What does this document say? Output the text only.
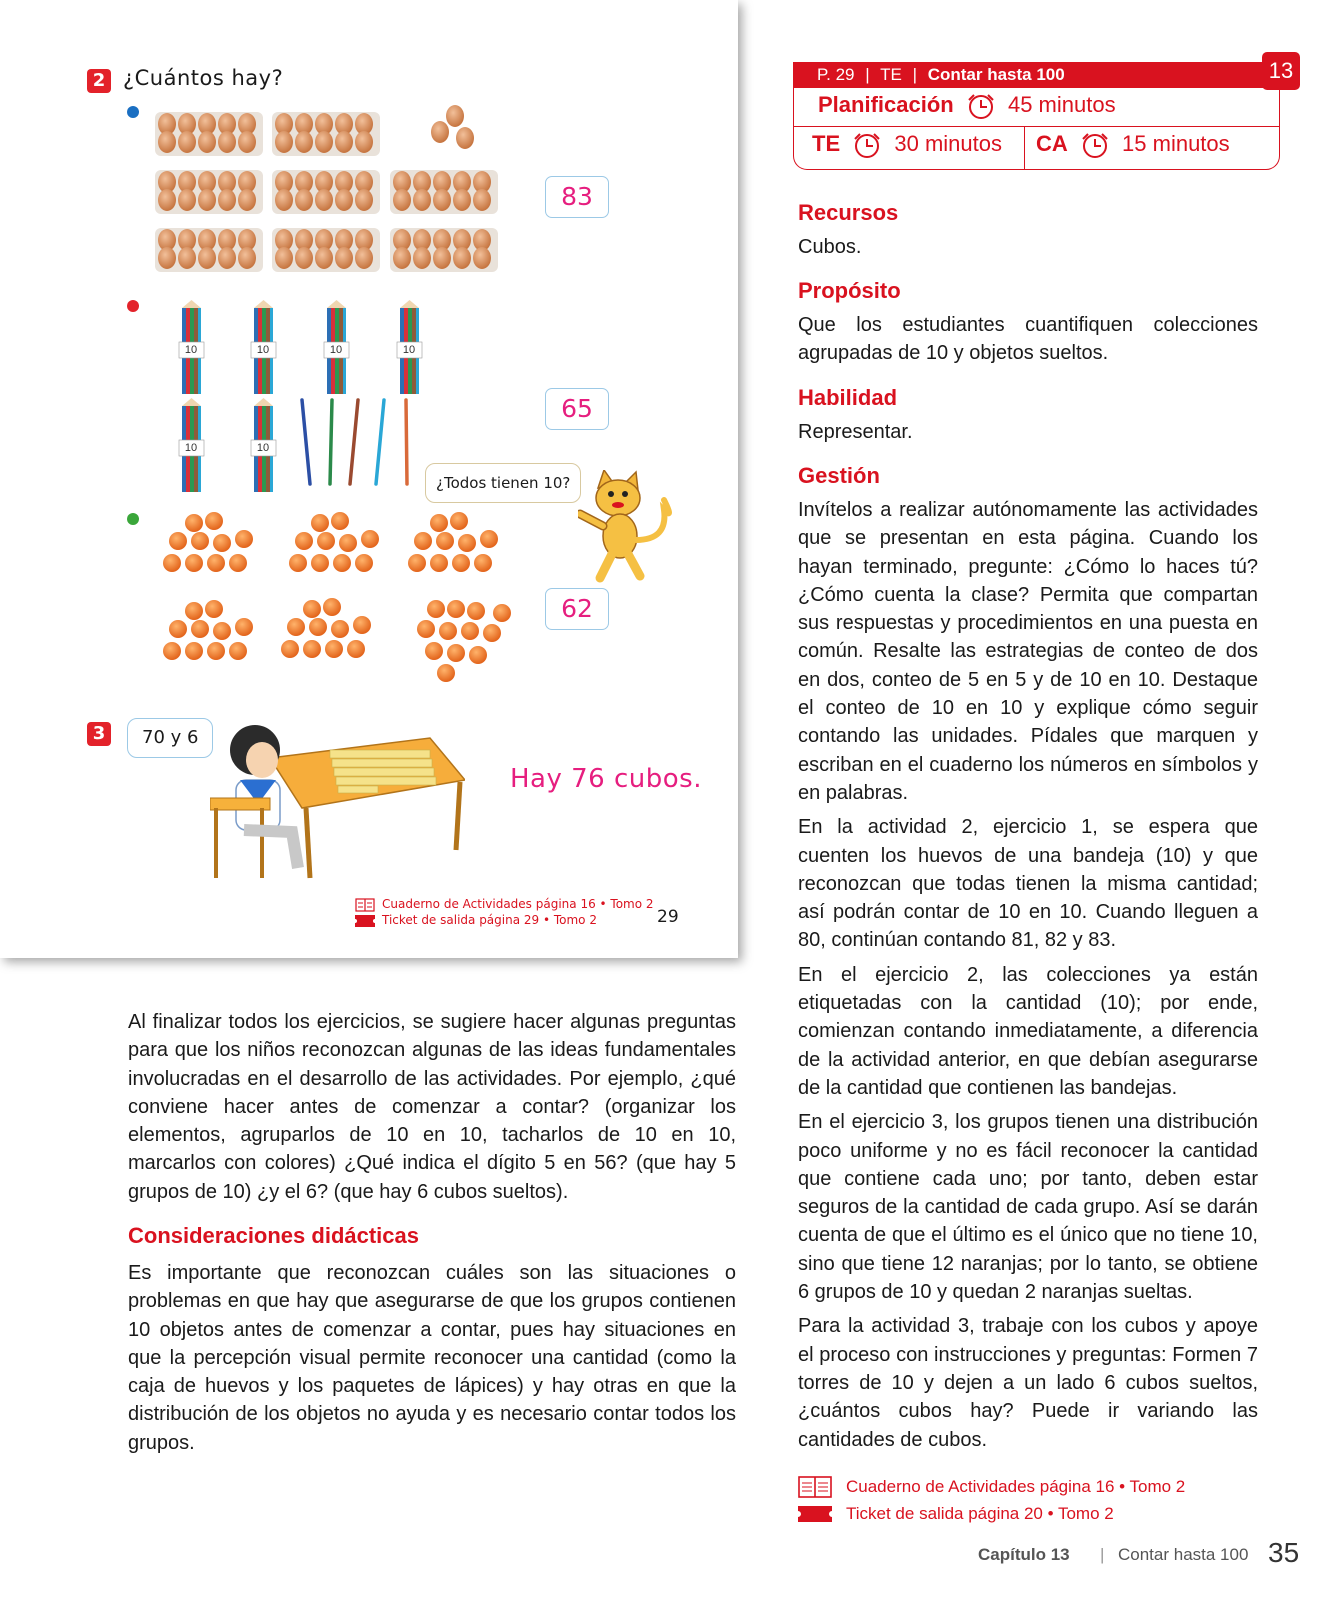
2 ¿Cuántos hay?
83
10	10	10	10
10	10
65
¿Todos tienen 10?
62
3	70 y 6
Hay 76 cubos.
Cuaderno de Actividades página 16 • Tomo 2
Ticket de salida página 29 • Tomo 2	29
Al finalizar todos los ejercicios, se sugiere hacer algunas preguntas para que los niños reconozcan algunas de las ideas fundamentales involucradas en el desarrollo de las actividades. Por ejemplo, ¿qué conviene hacer antes de comenzar a contar? (organizar los elementos, agruparlos de 10 en 10, tacharlos de 10 en 10, marcarlos con colores) ¿Qué indica el dígito 5 en 56? (que hay 5 grupos de 10) ¿y el 6? (que hay 6 cubos sueltos).
Consideraciones didácticas
Es importante que reconozcan cuáles son las situaciones o problemas en que hay que asegurarse de que los grupos contienen 10 objetos antes de comenzar a contar, pues hay situaciones en que la percepción visual permite reconocer una cantidad (como la caja de huevos y los paquetes de lápices) y hay otras en que la distribución de los objetos no ayuda y es necesario contar todos los grupos.
P. 29 | TE | Contar hasta 100	13
Planificación 45 minutos
TE 30 minutos CA 15 minutos
Recursos
Cubos.
Propósito
Que los estudiantes cuantifiquen colecciones agrupadas de 10 y objetos sueltos.
Habilidad
Representar.
Gestión

Invítelos a realizar autónomamente las actividades que se presentan en esta página. Cuando los hayan terminado, pregunte: ¿Cómo lo haces tú? ¿Cómo cuenta la clase? Permita que compartan sus respuestas y procedimientos en una puesta en común. Resalte las estrategias de conteo de dos en dos, conteo de 5 en 5 y de 10 en 10. Destaque el conteo de 10 en 10 y explique cómo seguir contando las unidades. Pídales que marquen y escriban en el cuaderno los números en símbolos y en palabras.

En la actividad 2, ejercicio 1, se espera que cuenten los huevos de una bandeja (10) y que reconozcan que todas tienen la misma cantidad; así podrán contar de 10 en 10. Cuando lleguen a 80, continúan contando 81, 82 y 83.

En el ejercicio 2, las colecciones ya están etiquetadas con la cantidad (10); por ende, comienzan contando inmediatamente, a diferencia de la actividad anterior, en que debían asegurarse de la cantidad que contienen las bandejas.

En el ejercicio 3, los grupos tienen una distribución poco uniforme y no es fácil reconocer la cantidad que contiene cada uno; por tanto, deben estar seguros de la cantidad de cada grupo. Así se darán cuenta de que el último es el único que no tiene 10, sino que tiene 12 naranjas; por lo tanto, se obtiene 6 grupos de 10 y quedan 2 naranjas sueltas.

Para la actividad 3, trabaje con los cubos y apoye el proceso con instrucciones y preguntas: Formen 7 torres de 10 y dejen a un lado 6 cubos sueltos, ¿cuántos cubos hay? Puede ir variando las cantidades de cubos.

Cuaderno de Actividades página 16 • Tomo 2
Ticket de salida página 20 • Tomo 2
Capítulo 13 | Contar hasta 100 35
